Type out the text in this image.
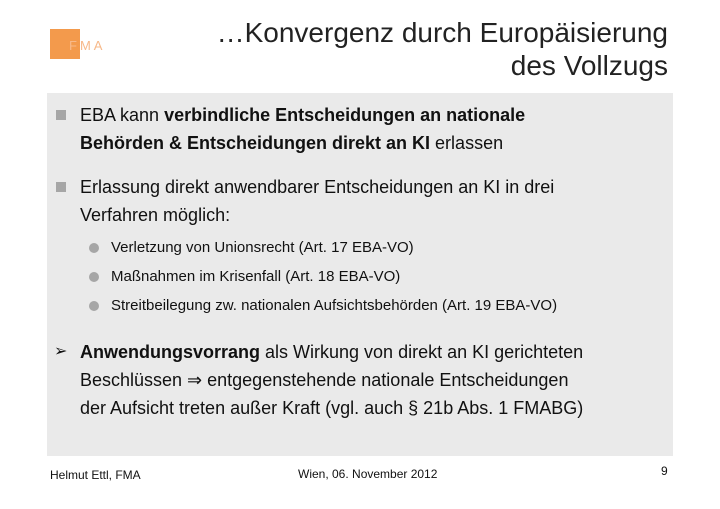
FMA	…Konvergenz durch Europäisierung
des Vollzugs
EBA kann verbindliche Entscheidungen an nationale
Behörden & Entscheidungen direkt an KI erlassen
Erlassung direkt anwendbarer Entscheidungen an KI in drei
Verfahren möglich:
Verletzung von Unionsrecht (Art. 17 EBA-VO)
Maßnahmen im Krisenfall (Art. 18 EBA-VO)
Streitbeilegung zw. nationalen Aufsichtsbehörden (Art. 19 EBA-VO)
➢ Anwendungsvorrang als Wirkung von direkt an KI gerichteten
Beschlüssen ⇒ entgegenstehende nationale Entscheidungen
der Aufsicht treten außer Kraft (vgl. auch § 21b Abs. 1 FMABG)
Helmut Ettl, FMA	Wien, 06. November 2012	9
